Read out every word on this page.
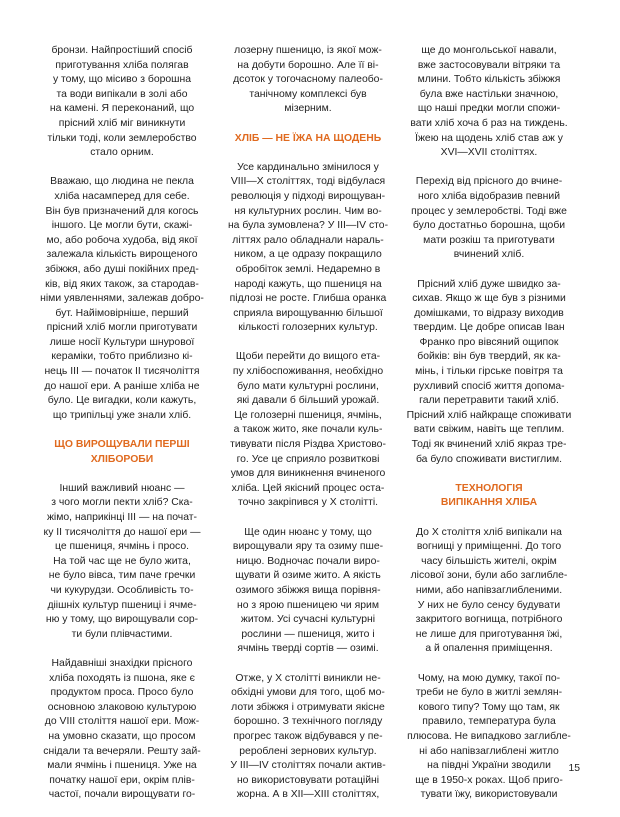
бронзи. Найпростіший спосіб
приготування хліба полягав
у тому, що місиво з борошна
та води випікали в золі або
на камені. Я переконаний, що
прісний хліб міг виникнути
тільки тоді, коли землеробство
стало орним.
Вважаю, що людина не пекла
хліба насамперед для себе.
Він був призначений для когось
іншого. Це могли бути, скажі-
мо, або робоча худоба, від якої
залежала кількість вирощеного
збіжжя, або душі покійних пред-
ків, від яких також, за стародав-
німи уявленнями, залежав добро-
бут. Найімовірніше, перший
прісний хліб могли приготувати
лише носії Культури шнурової
кераміки, тобто приблизно кі-
нець III — початок II тисячоліття
до нашої ери. А раніше хліба не
було. Це вигадки, коли кажуть,
що трипільці уже знали хліб.
ЩО ВИРОЩУВАЛИ ПЕРШІ
ХЛІБОРОБИ
Інший важливий нюанс —
з чого могли пекти хліб? Ска-
жімо, наприкінці III — на почат-
ку II тисячоліття до нашої ери —
це пшениця, ячмінь і просо.
На той час ще не було жита,
не було вівса, тим паче гречки
чи кукурудзи. Особливість то-
діішніх культур пшениці і ячме-
ню у тому, що вирощували сор-
ти були плівчастими.
Найдавніші знахідки прісного
хліба походять із пшона, яке є
продуктом проса. Просо було
основною злаковою культурою
до VIII століття нашої ери. Мож-
на умовно сказати, що просом
снідали та вечеряли. Решту зай-
мали ячмінь і пшениця. Уже на
початку нашої ери, окрім плів-
частої, почали вирощувати го-
лозерну пшеницю, із якої мож-
на добути борошно. Але її ві-
дсоток у тогочасному палеобо-
танічному комплексі був
мізерним.
ХЛІБ — НЕ ЇЖА НА ЩОДЕНЬ
Усе кардинально змінилося у
VIII—X століттях, тоді відбулася
революція у підході вирощуван-
ня культурних рослин. Чим во-
на була зумовлена? У III—IV сто-
літтях рало обладнали нараль-
ником, а це одразу покращило
обробіток землі. Недаремно в
народі кажуть, що пшениця на
підлозі не росте. Глибша оранка
сприяла вирощуванню більшої
кількості голозерних культур.
Щоби перейти до вищого ета-
пу хлібоспоживання, необхідно
було мати культурні рослини,
які давали б більший урожай.
Це голозерні пшениця, ячмінь,
а також жито, яке почали куль-
тивувати після Різдва Христово-
го. Усе це сприяло розвиткові
умов для виникнення вчиненого
хліба. Цей якісний процес оста-
точно закріпився у X столітті.
Ще один нюанс у тому, що
вирощували яру та озиму пше-
ницю. Водночас почали виро-
щувати й озиме жито. А якість
озимого збіжжя вища порівня-
но з ярою пшеницею чи ярим
житом. Усі сучасні культурні
рослини — пшениця, жито і
ячмінь тверді сортів — озимі.
Отже, у X столітті виникли не-
обхідні умови для того, щоб мо-
лоти збіжжя і отримувати якісне
борошно. З технічного погляду
прогрес також відбувався у пе-
рероблені зернових культур.
У III—IV століттях почали актив-
но використовувати ротаційні
жорна. А в XII—XIII століттях,
ще до монгольської навали,
вже застосовували вітряки та
млини. Тобто кількість збіжжя
була вже настільки значною,
що наші предки могли спожи-
вати хліб хоча б раз на тиждень.
Їжею на щодень хліб став аж у
XVI—XVII століттях.
Перехід від прісного до вчине-
ного хліба відобразив певний
процес у землеробстві. Тоді вже
було достатньо борошна, щоби
мати розкіш та приготувати
вчинений хліб.
Прісний хліб дуже швидко за-
сихав. Якщо ж ще був з різними
домішками, то відразу виходив
твердим. Це добре описав Іван
Франко про вівсяний ощипок
бойків: він був твердий, як ка-
мінь, і тільки гірське повітря та
рухливий спосіб життя допома-
гали перетравити такий хліб.
Прісний хліб найкраще споживати
вати свіжим, навіть ще теплим.
Тоді як вчинений хліб якраз тре-
ба було споживати вистиглим.
ТЕХНОЛОГІЯ
ВИПІКАННЯ ХЛІБА
До X століття хліб випікали на
вогнищі у приміщенні. До того
часу більшість жителі, окрім
лісової зони, були або заглибле-
ними, або напівзаглибленими.
У них не було сенсу будувати
закритого вогнища, потрібного
не лише для приготування їжі,
а й опалення приміщення.
Чому, на мою думку, такої по-
треби не було в житлі землян-
кового типу? Тому що там, як
правило, температура була
плюсова. Не випадково заглибле-
ні або напівзаглиблені житло
на півдні України зводили
ще в 1950-х роках. Щоб приго-
тувати їжу, використовували
15
